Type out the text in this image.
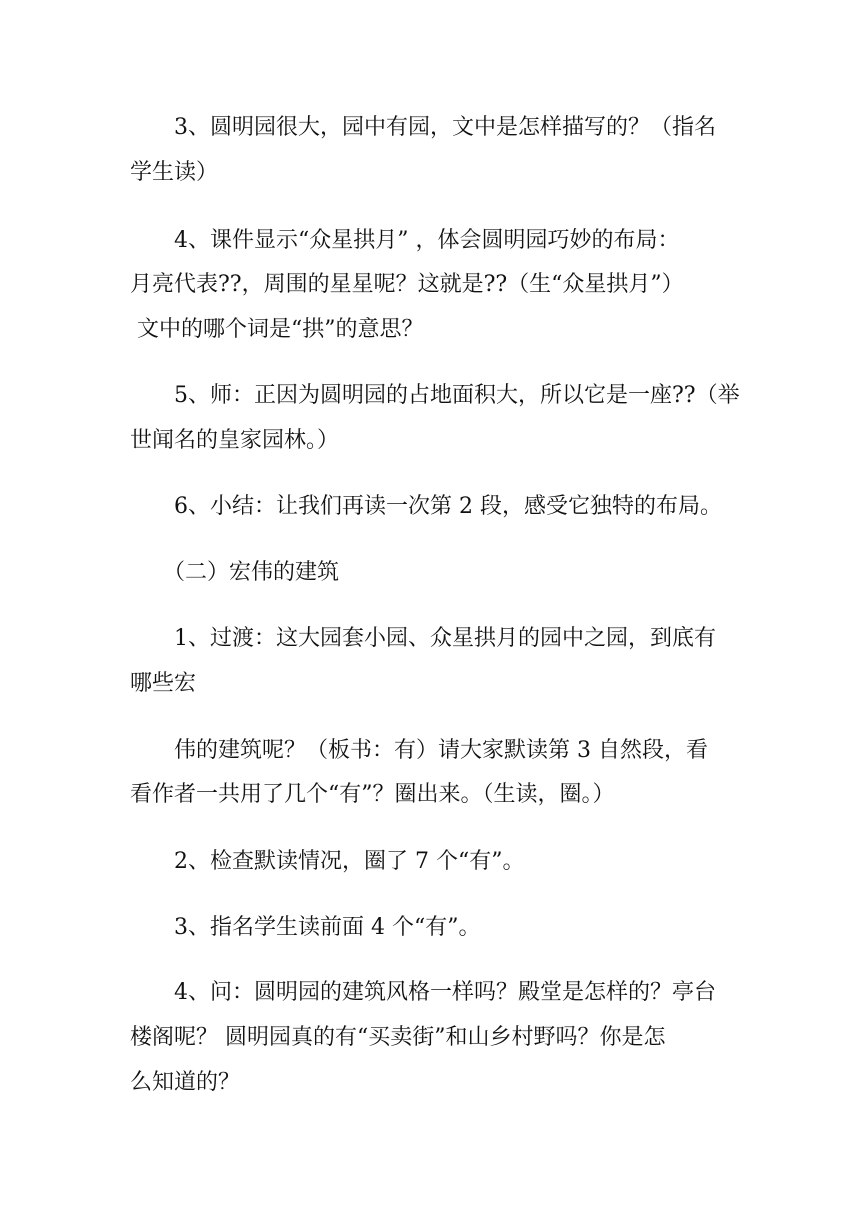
　　3、圆明园很大，园中有园，文中是怎样描写的？（指名
学生读）
　　4、课件显示“众星拱月” ，体会圆明园巧妙的布局：
月亮代表??，周围的星星呢？这就是??（生“众星拱月”）
文中的哪个词是“拱”的意思？
　　5、师：正因为圆明园的占地面积大，所以它是一座??（举
世闻名的皇家园林。）
　　6、小结：让我们再读一次第 2 段，感受它独特的布局。
　　（二）宏伟的建筑
　　1、过渡：这大园套小园、众星拱月的园中之园，到底有
哪些宏
　　伟的建筑呢？（板书：有）请大家默读第 3 自然段，看
看作者一共用了几个“有”？圈出来。（生读，圈。）
　　2、检查默读情况，圈了 7 个“有”。
　　3、指名学生读前面 4 个“有”。
　　4、问：圆明园的建筑风格一样吗？殿堂是怎样的？亭台
楼阁呢？ 圆明园真的有“买卖街”和山乡村野吗？你是怎
么知道的？
